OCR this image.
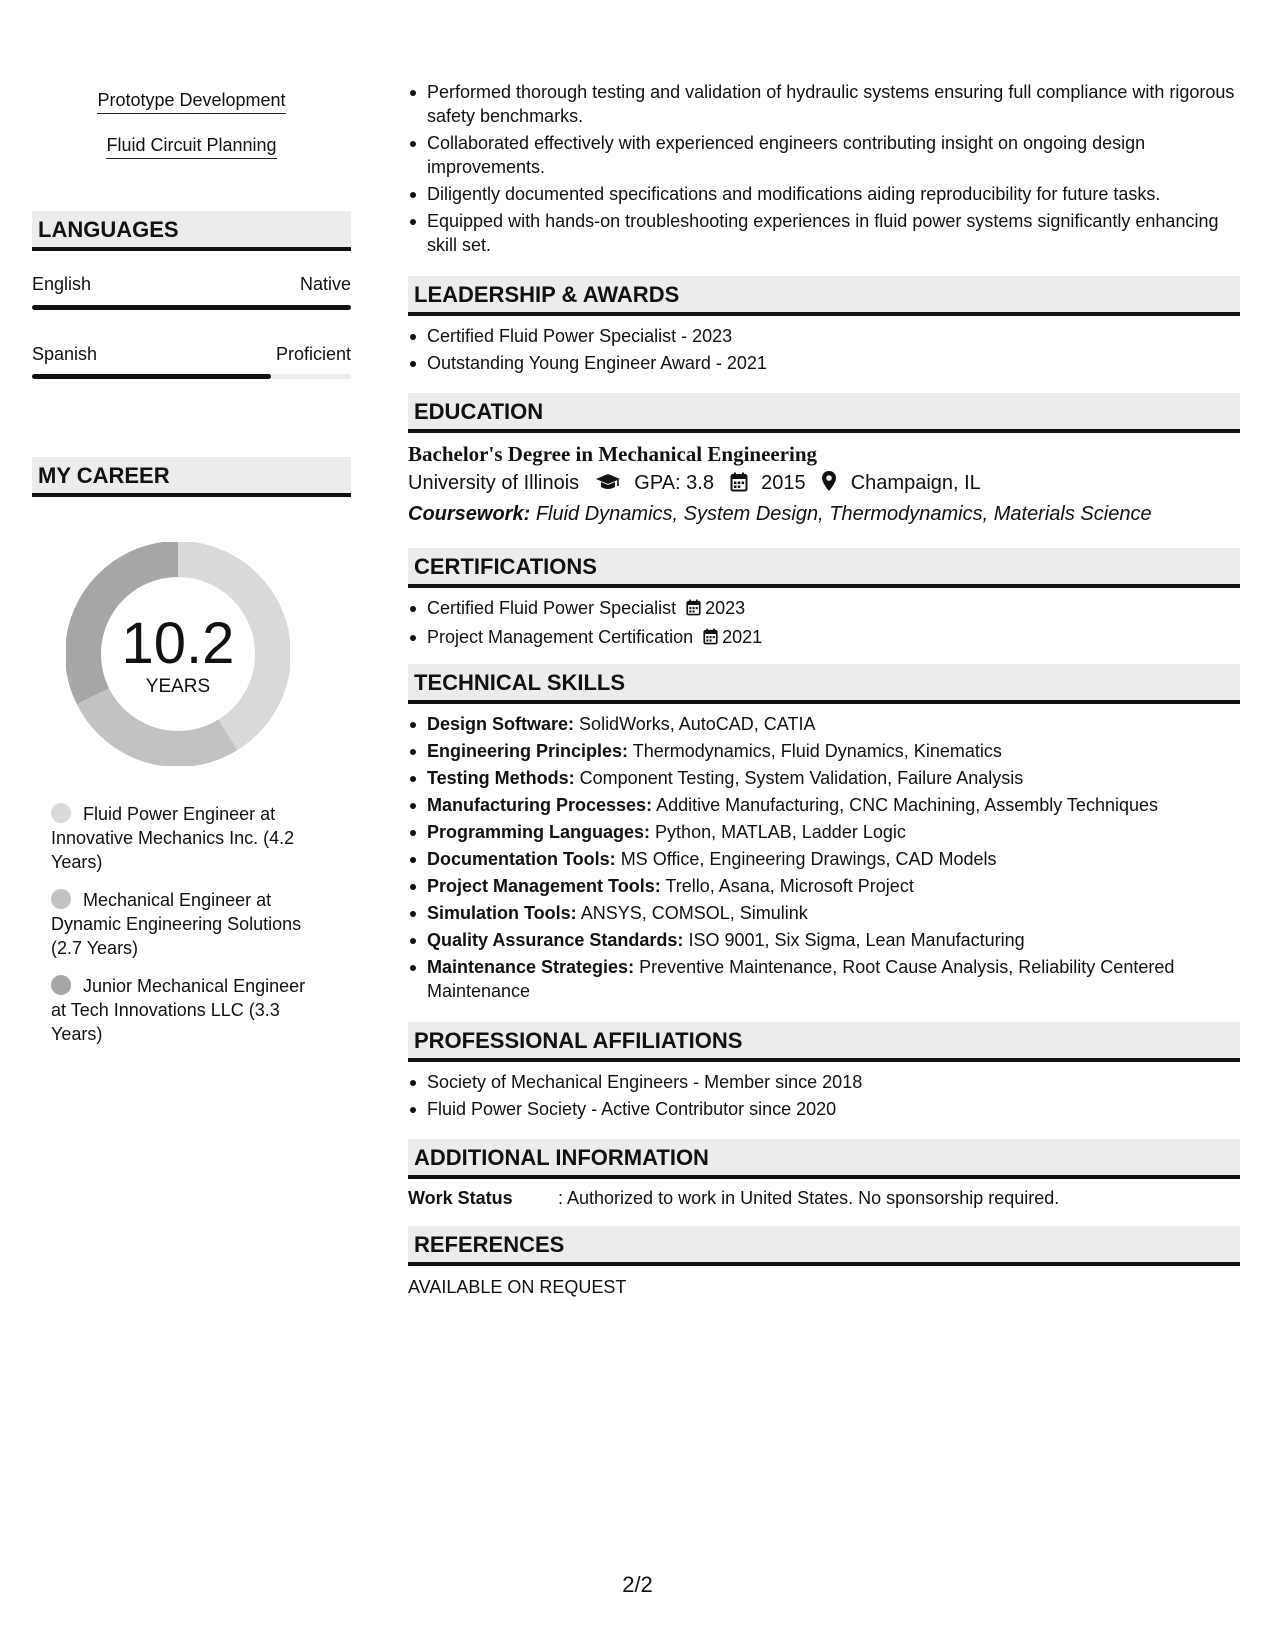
Prototype Development
Fluid Circuit Planning
LANGUAGES
English	Native
Spanish	Proficient
MY CAREER
10.2
YEARS
Fluid Power Engineer at Innovative Mechanics Inc. (4.2 Years)
Mechanical Engineer at Dynamic Engineering Solutions (2.7 Years)
Junior Mechanical Engineer at Tech Innovations LLC (3.3 Years)
Performed thorough testing and validation of hydraulic systems ensuring full compliance with rigorous safety benchmarks.
Collaborated effectively with experienced engineers contributing insight on ongoing design improvements.
Diligently documented specifications and modifications aiding reproducibility for future tasks.
Equipped with hands-on troubleshooting experiences in fluid power systems significantly enhancing skill set.
LEADERSHIP & AWARDS
Certified Fluid Power Specialist - 2023
Outstanding Young Engineer Award - 2021
EDUCATION
Bachelor's Degree in Mechanical Engineering
University of Illinois	GPA: 3.8 2015 Champaign, IL
Coursework: Fluid Dynamics, System Design, Thermodynamics, Materials Science
CERTIFICATIONS
Certified Fluid Power Specialist 2023
Project Management Certification 2021
TECHNICAL SKILLS
Design Software: SolidWorks, AutoCAD, CATIA
Engineering Principles: Thermodynamics, Fluid Dynamics, Kinematics
Testing Methods: Component Testing, System Validation, Failure Analysis
Manufacturing Processes: Additive Manufacturing, CNC Machining, Assembly Techniques
Programming Languages: Python, MATLAB, Ladder Logic
Documentation Tools: MS Office, Engineering Drawings, CAD Models
Project Management Tools: Trello, Asana, Microsoft Project
Simulation Tools: ANSYS, COMSOL, Simulink
Quality Assurance Standards: ISO 9001, Six Sigma, Lean Manufacturing
Maintenance Strategies: Preventive Maintenance, Root Cause Analysis, Reliability Centered Maintenance
PROFESSIONAL AFFILIATIONS
Society of Mechanical Engineers - Member since 2018
Fluid Power Society - Active Contributor since 2020
ADDITIONAL INFORMATION
Work Status	: Authorized to work in United States. No sponsorship required.
REFERENCES
AVAILABLE ON REQUEST
2/2
